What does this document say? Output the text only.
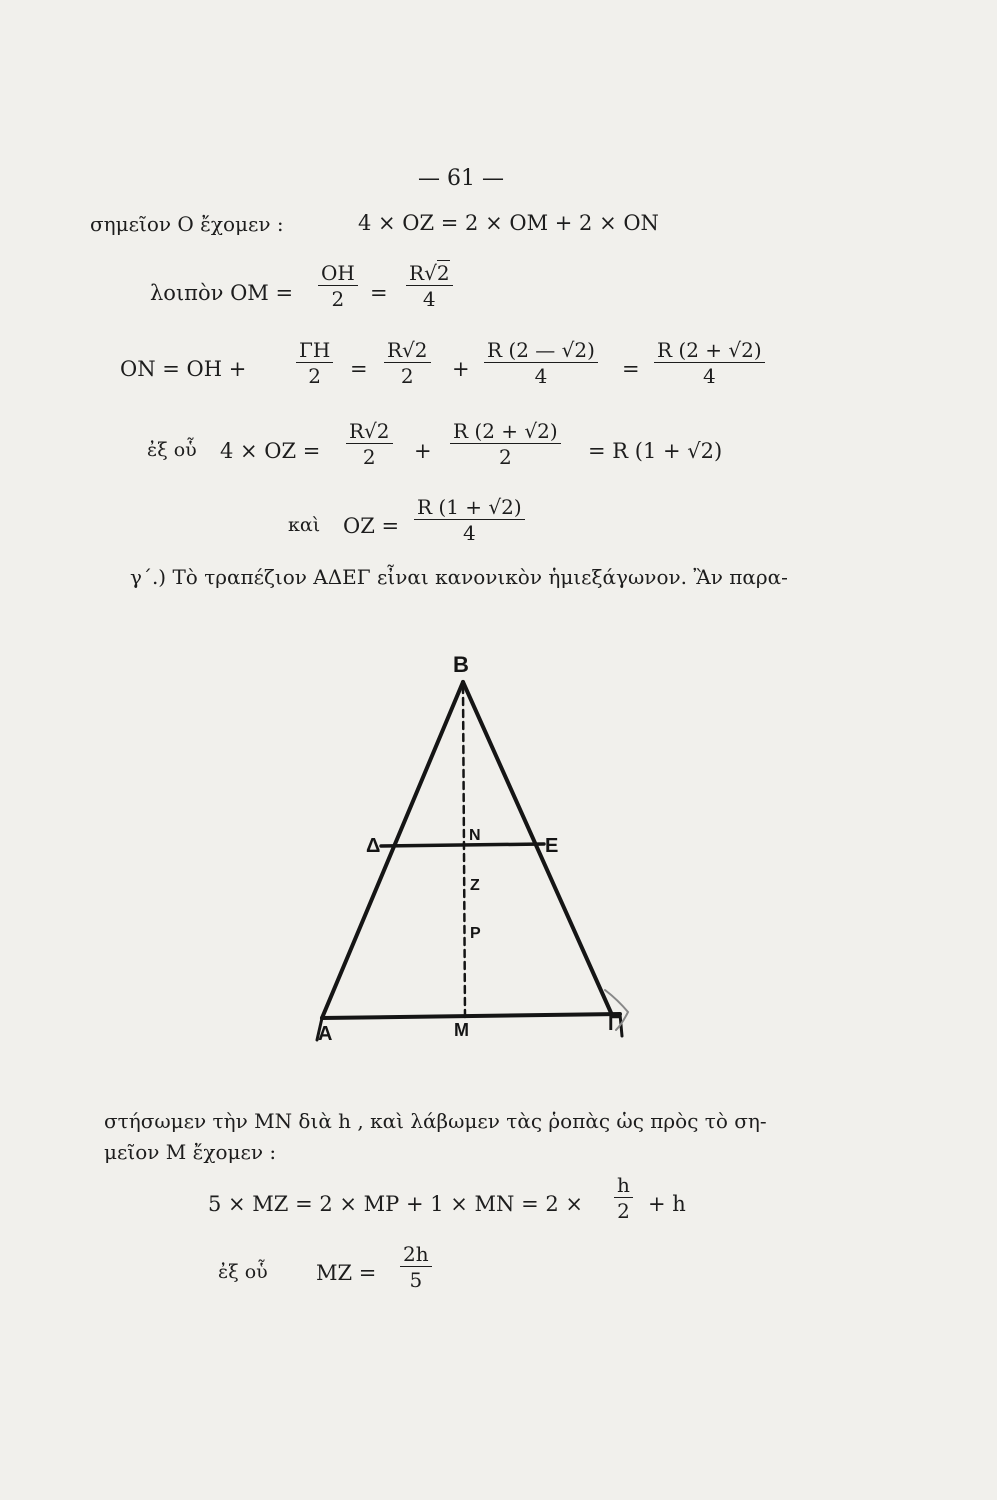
— 61 —
σημεῖον Ο ἔχομεν :	4 × OZ = 2 × OM + 2 × ON
λοιπὸν OM = $\frac{OH}{2} = \frac{R√2}{4}$
ON = OH + $\frac{\Gamma H}{2} = \frac{R√2}{2} + \frac{R (2 — √2)}{4} = \frac{R (2 + √2)}{4}$
ἐξ οὗ 4 × OZ = $\frac{R√2}{2} + \frac{R (2 + √2)}{2} = R$ (1 + √2)
καὶ OZ = $\frac{R (1 + √2)}{4}$
γ΄.) Τὸ τραπέζιον ΑΔΕΓ εἶναι κανονικὸν ἡμιεξάγωνον. Ἂν παρα-
B
Δ	E
A	Γ
M
N
Z
P
στήσωμεν τὴν MN διὰ h , καὶ λάβωμεν τὰς ῥοπὰς ὡς πρὸς τὸ ση-
μεῖον M ἔχομεν :
5 × MZ = 2 × MP + 1 × MN = $2 \times \frac{h}{2} + h$
ἐξ οὗ MZ = $\frac{2h}{5}$
